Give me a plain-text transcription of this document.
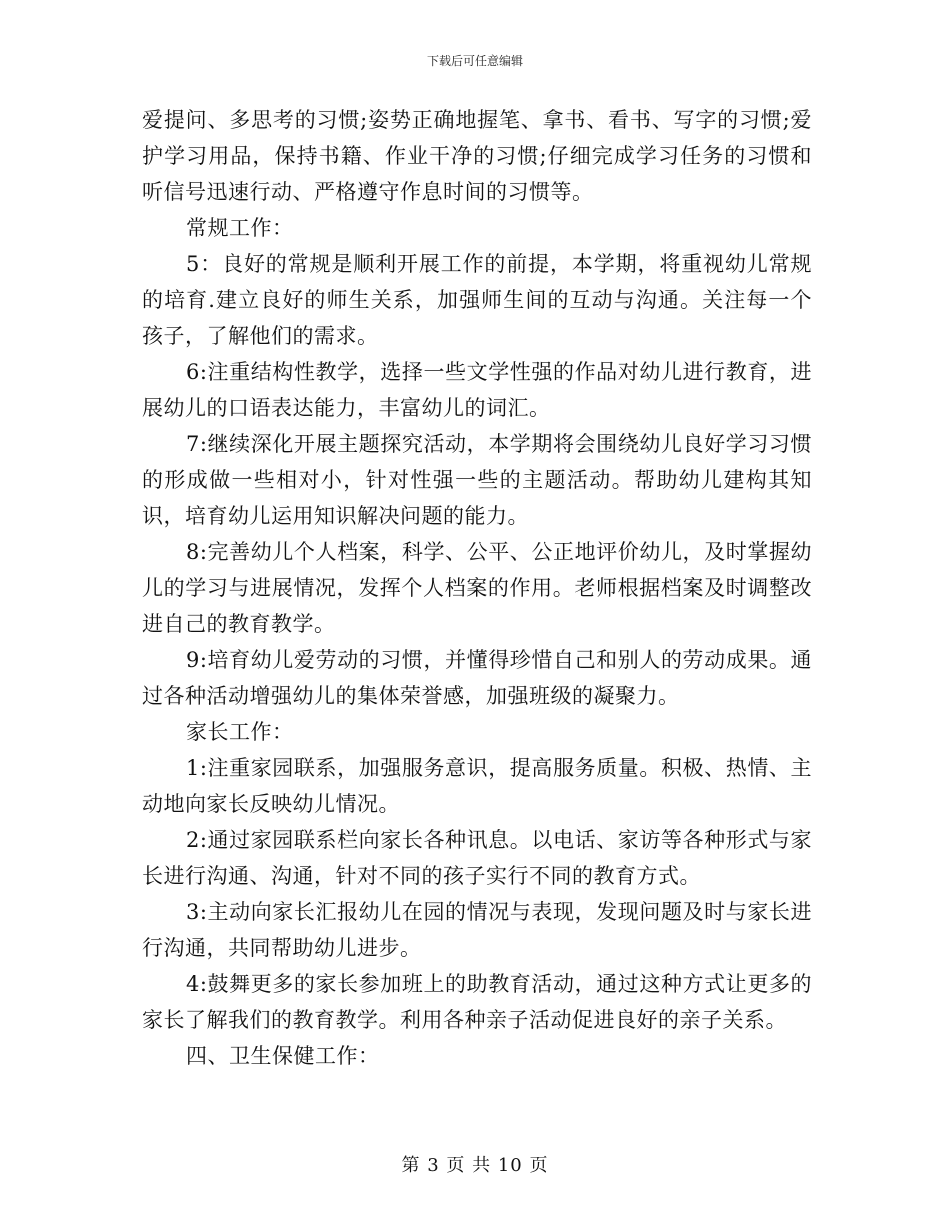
下载后可任意编辑

爱提问、多思考的习惯;姿势正确地握笔、拿书、看书、写字的习惯;爱护学习用品，保持书籍、作业干净的习惯;仔细完成学习任务的习惯和听信号迅速行动、严格遵守作息时间的习惯等。

常规工作：

5：良好的常规是顺利开展工作的前提，本学期，将重视幼儿常规的培育.建立良好的师生关系，加强师生间的互动与沟通。关注每一个孩子，了解他们的需求。

6:注重结构性教学，选择一些文学性强的作品对幼儿进行教育，进展幼儿的口语表达能力，丰富幼儿的词汇。

7:继续深化开展主题探究活动，本学期将会围绕幼儿良好学习习惯的形成做一些相对小，针对性强一些的主题活动。帮助幼儿建构其知识，培育幼儿运用知识解决问题的能力。

8:完善幼儿个人档案，科学、公平、公正地评价幼儿，及时掌握幼儿的学习与进展情况，发挥个人档案的作用。老师根据档案及时调整改进自己的教育教学。

9:培育幼儿爱劳动的习惯，并懂得珍惜自己和别人的劳动成果。通过各种活动增强幼儿的集体荣誉感，加强班级的凝聚力。

家长工作：

1:注重家园联系，加强服务意识，提高服务质量。积极、热情、主动地向家长反映幼儿情况。

2:通过家园联系栏向家长各种讯息。以电话、家访等各种形式与家长进行沟通、沟通，针对不同的孩子实行不同的教育方式。

3:主动向家长汇报幼儿在园的情况与表现，发现问题及时与家长进行沟通，共同帮助幼儿进步。

4:鼓舞更多的家长参加班上的助教育活动，通过这种方式让更多的家长了解我们的教育教学。利用各种亲子活动促进良好的亲子关系。

四、卫生保健工作：

第 3 页 共 10 页
